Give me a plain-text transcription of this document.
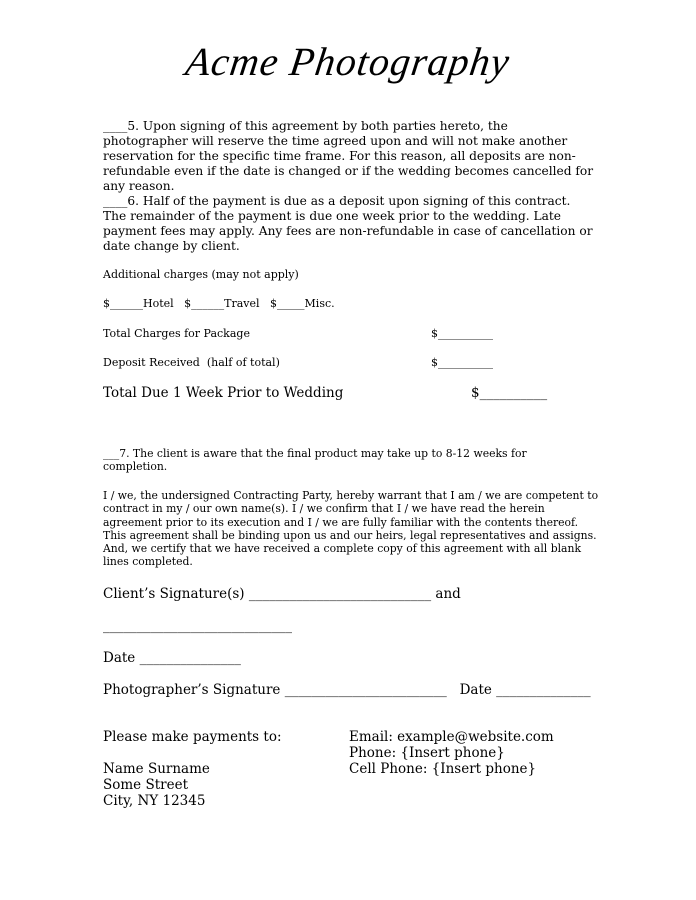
Acme Photography
____5. Upon signing of this agreement by both parties hereto, the photographer will reserve the time agreed upon and will not make another reservation for the specific time frame. For this reason, all deposits are non-refundable even if the date is changed or if the wedding becomes cancelled for any reason.
____6. Half of the payment is due as a deposit upon signing of this contract. The remainder of the payment is due one week prior to the wedding. Late payment fees may apply. Any fees are non-refundable in case of cancellation or date change by client.
Additional charges (may not apply)
$______Hotel   $______Travel   $_____Misc.
Total Charges for Package	$__________
Deposit Received  (half of total)	$__________
Total Due 1 Week Prior to Wedding	$__________
___7. The client is aware that the final product may take up to 8-12 weeks for completion.
I / we, the undersigned Contracting Party, hereby warrant that I am / we are competent to contract in my / our own name(s). I / we confirm that I / we have read the herein agreement prior to its execution and I / we are fully familiar with the contents thereof. This agreement shall be binding upon us and our heirs, legal representatives and assigns. And, we certify that we have received a complete copy of this agreement with all blank lines completed.
Client’s Signature(s) ___________________________ and
____________________________
Date _______________
Photographer’s Signature ________________________   Date ______________
Please make payments to:
Name Surname
Some Street
City, NY 12345
Email: example@website.com
Phone: {Insert phone}
Cell Phone: {Insert phone}
